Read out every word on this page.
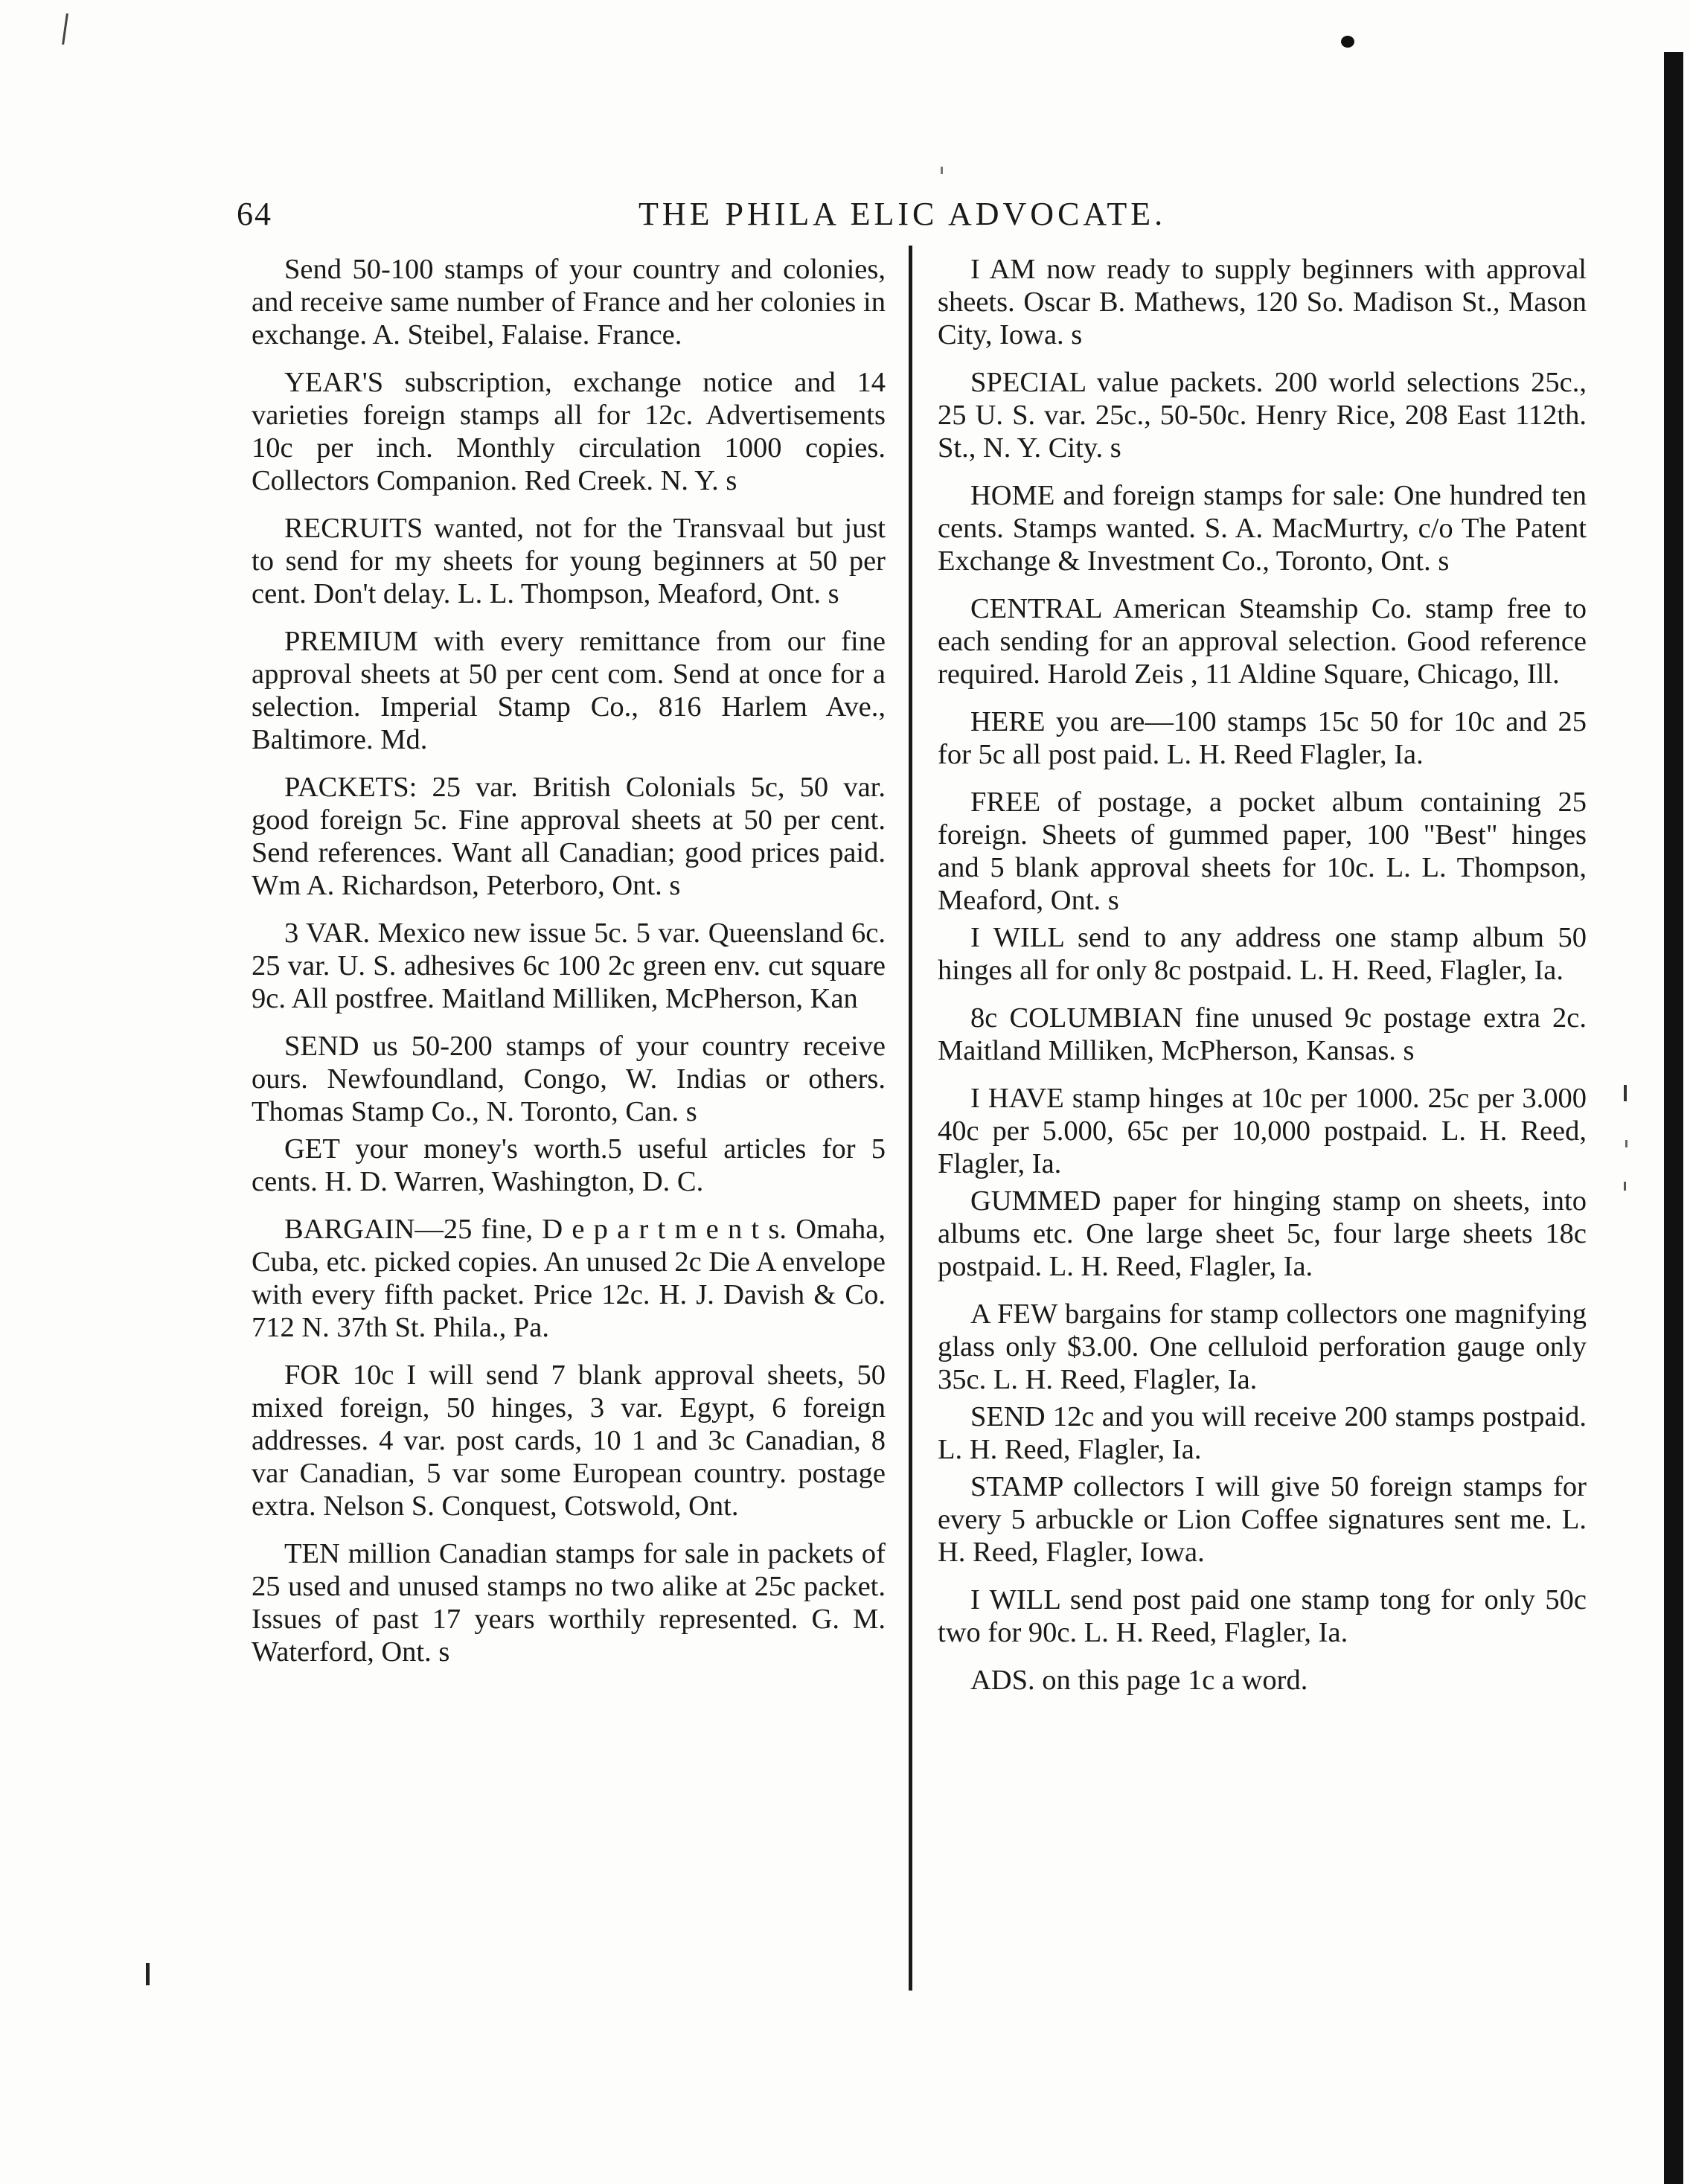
64	THE PHILA ELIC ADVOCATE.

Send 50-100 stamps of your country and colonies, and receive same number of France and her colonies in exchange. A. Steibel, Falaise. France.

YEAR'S subscription, exchange notice and 14 varieties foreign stamps all for 12c. Advertisements 10c per inch. Monthly circulation 1000 copies. Collectors Companion. Red Creek. N. Y. s

RECRUITS wanted, not for the Transvaal but just to send for my sheets for young beginners at 50 per cent. Don't delay. L. L. Thompson, Meaford, Ont. s

PREMIUM with every remittance from our fine approval sheets at 50 per cent com. Send at once for a selection. Imperial Stamp Co., 816 Harlem Ave., Baltimore. Md.

PACKETS: 25 var. British Colonials 5c, 50 var. good foreign 5c. Fine approval sheets at 50 per cent. Send references. Want all Canadian; good prices paid. Wm A. Richardson, Peterboro, Ont. s

3 VAR. Mexico new issue 5c. 5 var. Queensland 6c. 25 var. U. S. adhesives 6c 100 2c green env. cut square 9c. All postfree. Maitland Milliken, McPherson, Kan

SEND us 50-200 stamps of your country receive ours. Newfoundland, Congo, W. Indias or others. Thomas Stamp Co., N. Toronto, Can. s

GET your money's worth.5 useful articles for 5 cents. H. D. Warren, Washington, D. C.

BARGAIN—25 fine, D e p a r t m e n t s. Omaha, Cuba, etc. picked copies. An unused 2c Die A envelope with every fifth packet. Price 12c. H. J. Davish & Co. 712 N. 37th St. Phila., Pa.

FOR 10c I will send 7 blank approval sheets, 50 mixed foreign, 50 hinges, 3 var. Egypt, 6 foreign addresses. 4 var. post cards, 10 1 and 3c Canadian, 8 var Canadian, 5 var some European country. postage extra. Nelson S. Conquest, Cotswold, Ont.

TEN million Canadian stamps for sale in packets of 25 used and unused stamps no two alike at 25c packet. Issues of past 17 years worthily represented. G. M. Waterford, Ont. s

I AM now ready to supply beginners with approval sheets. Oscar B. Mathews, 120 So. Madison St., Mason City, Iowa. s

SPECIAL value packets. 200 world selections 25c., 25 U. S. var. 25c., 50-50c. Henry Rice, 208 East 112th. St., N. Y. City. s

HOME and foreign stamps for sale: One hundred ten cents. Stamps wanted. S. A. MacMurtry, c/o The Patent Exchange & Investment Co., Toronto, Ont. s

CENTRAL American Steamship Co. stamp free to each sending for an approval selection. Good reference required. Harold Zeis , 11 Aldine Square, Chicago, Ill.

HERE you are—100 stamps 15c 50 for 10c and 25 for 5c all post paid. L. H. Reed Flagler, Ia.

FREE of postage, a pocket album containing 25 foreign. Sheets of gummed paper, 100 "Best" hinges and 5 blank approval sheets for 10c. L. L. Thompson, Meaford, Ont. s

I WILL send to any address one stamp album 50 hinges all for only 8c postpaid. L. H. Reed, Flagler, Ia.

8c COLUMBIAN fine unused 9c postage extra 2c. Maitland Milliken, McPherson, Kansas. s

I HAVE stamp hinges at 10c per 1000. 25c per 3.000 40c per 5.000, 65c per 10,000 postpaid. L. H. Reed, Flagler, Ia.

GUMMED paper for hinging stamp on sheets, into albums etc. One large sheet 5c, four large sheets 18c postpaid. L. H. Reed, Flagler, Ia.

A FEW bargains for stamp collectors one magnifying glass only $3.00. One celluloid perforation gauge only 35c. L. H. Reed, Flagler, Ia.

SEND 12c and you will receive 200 stamps postpaid. L. H. Reed, Flagler, Ia.

STAMP collectors I will give 50 foreign stamps for every 5 arbuckle or Lion Coffee signatures sent me. L. H. Reed, Flagler, Iowa.

I WILL send post paid one stamp tong for only 50c two for 90c. L. H. Reed, Flagler, Ia.

ADS. on this page 1c a word.
